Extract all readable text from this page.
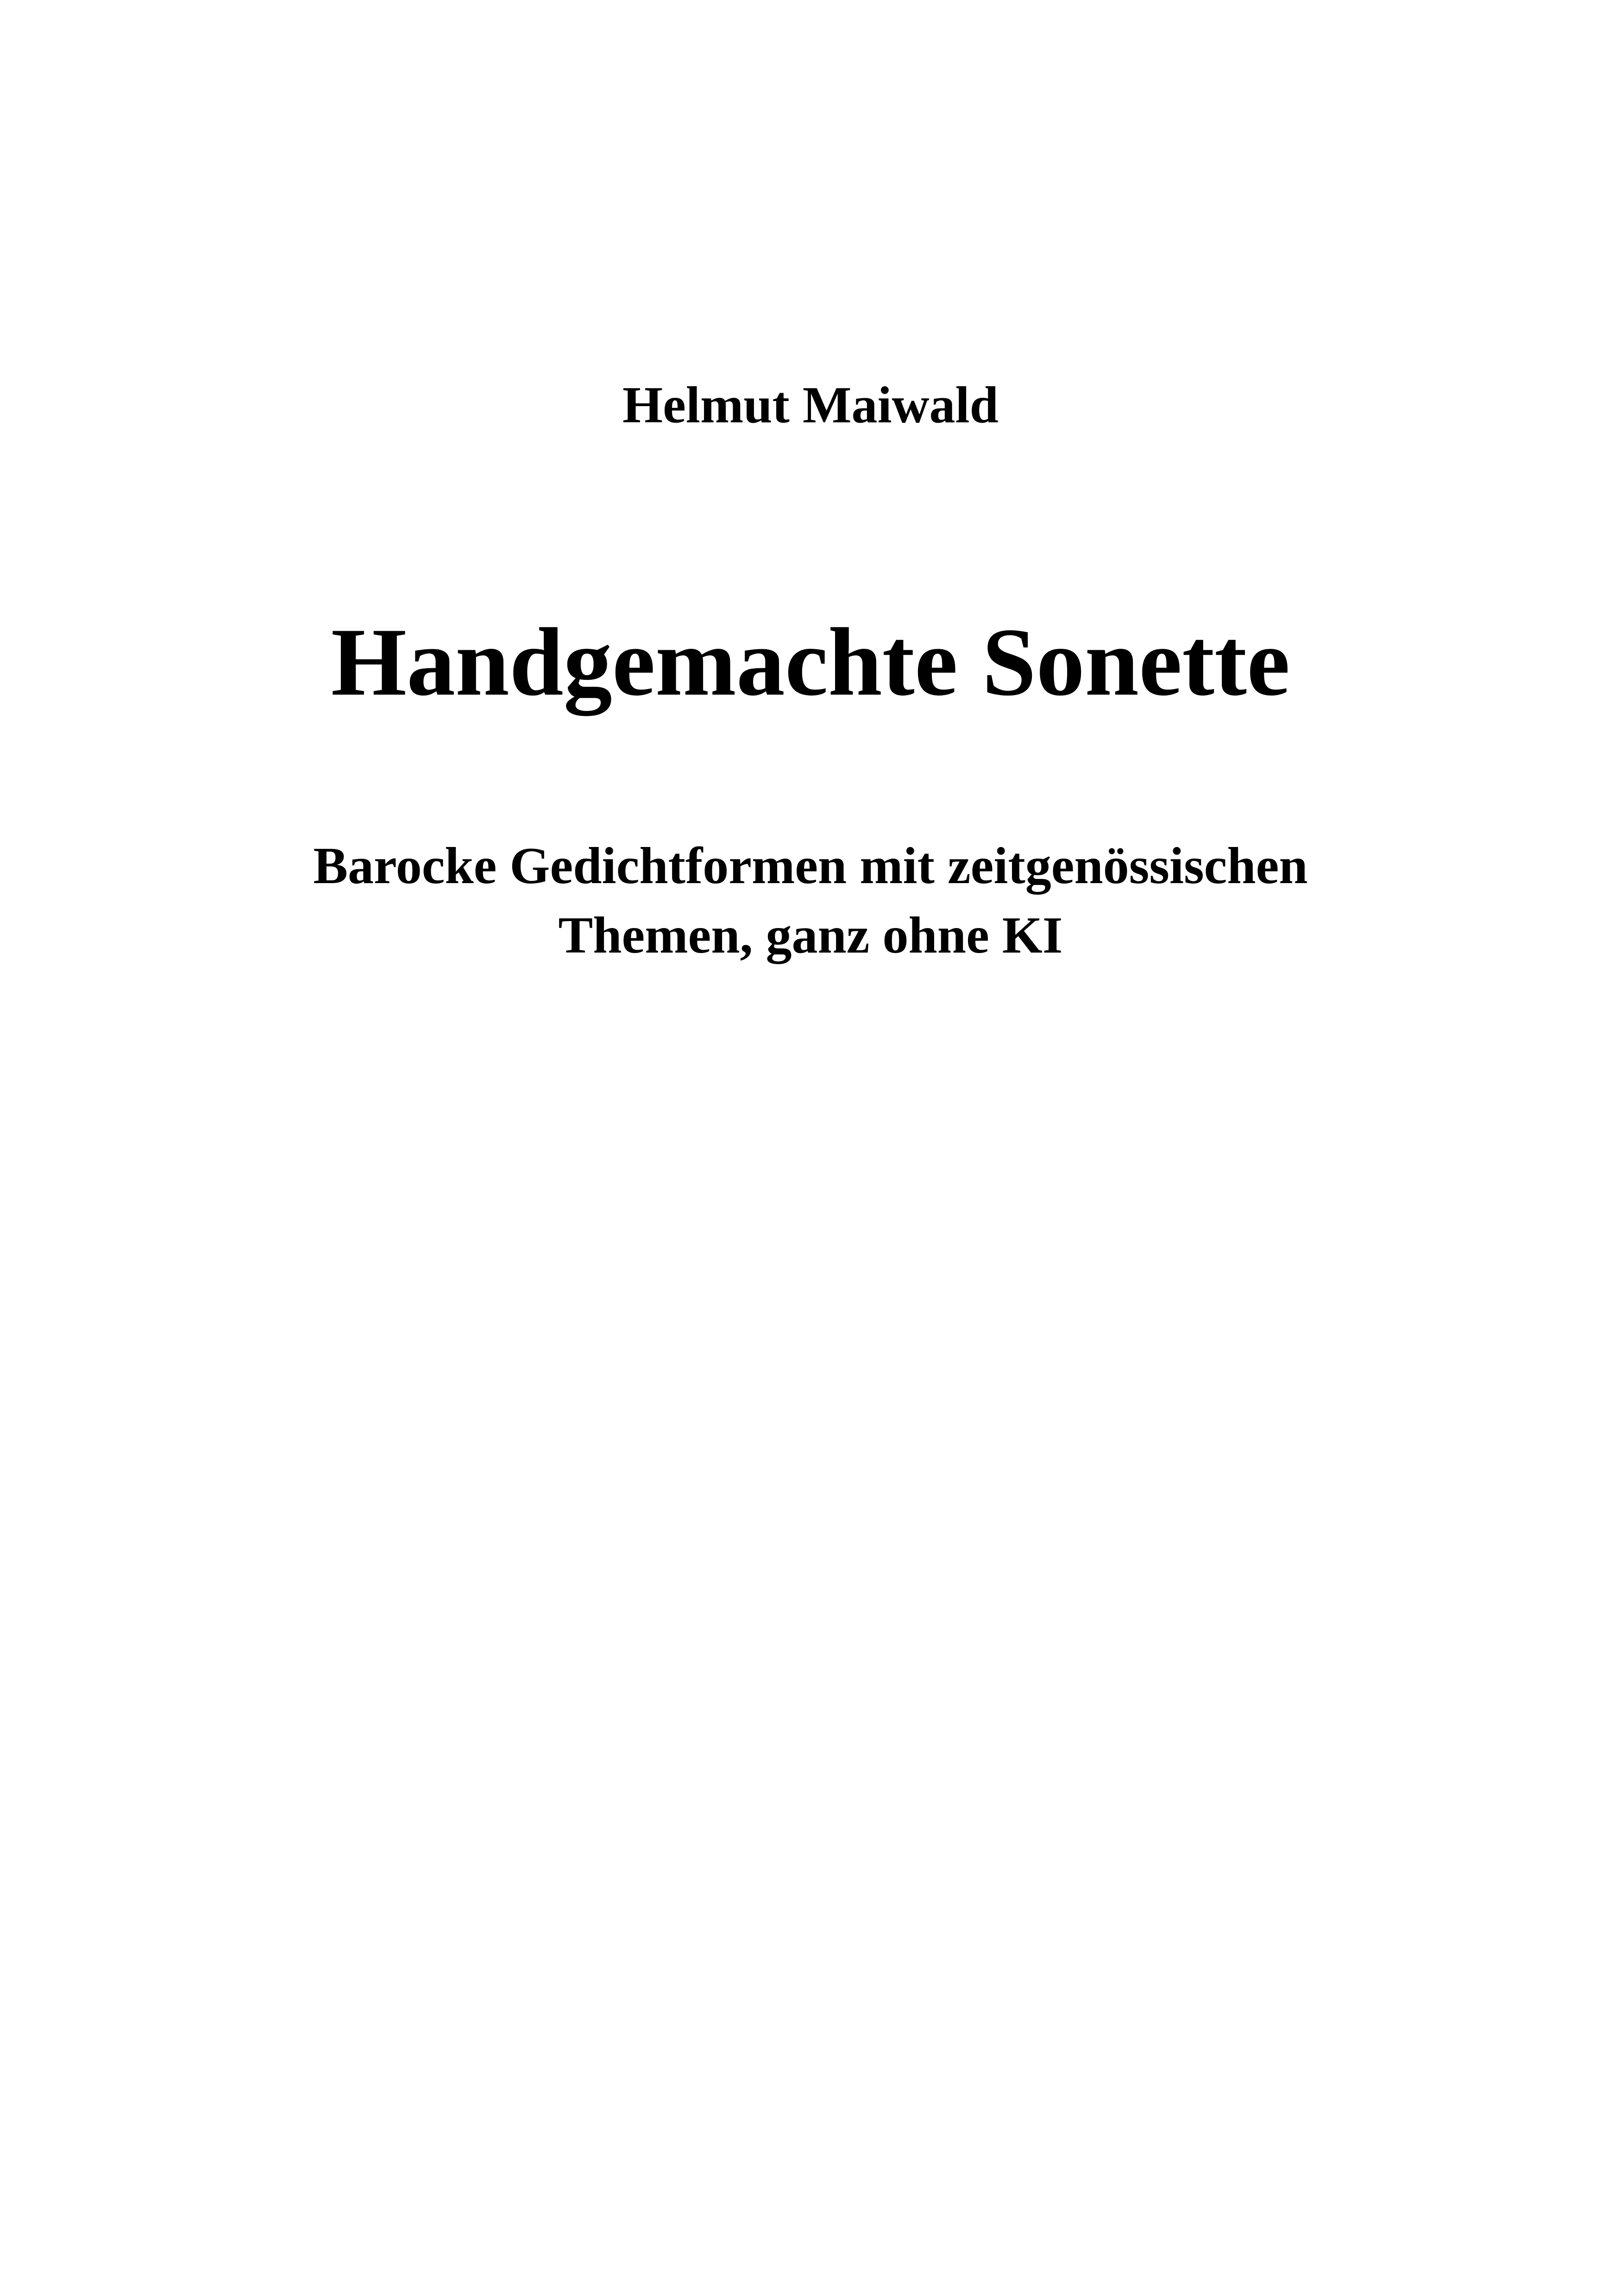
Helmut Maiwald

Handgemachte Sonette
Barocke Gedichtformen mit zeitgenössischen
Themen, ganz ohne KI
